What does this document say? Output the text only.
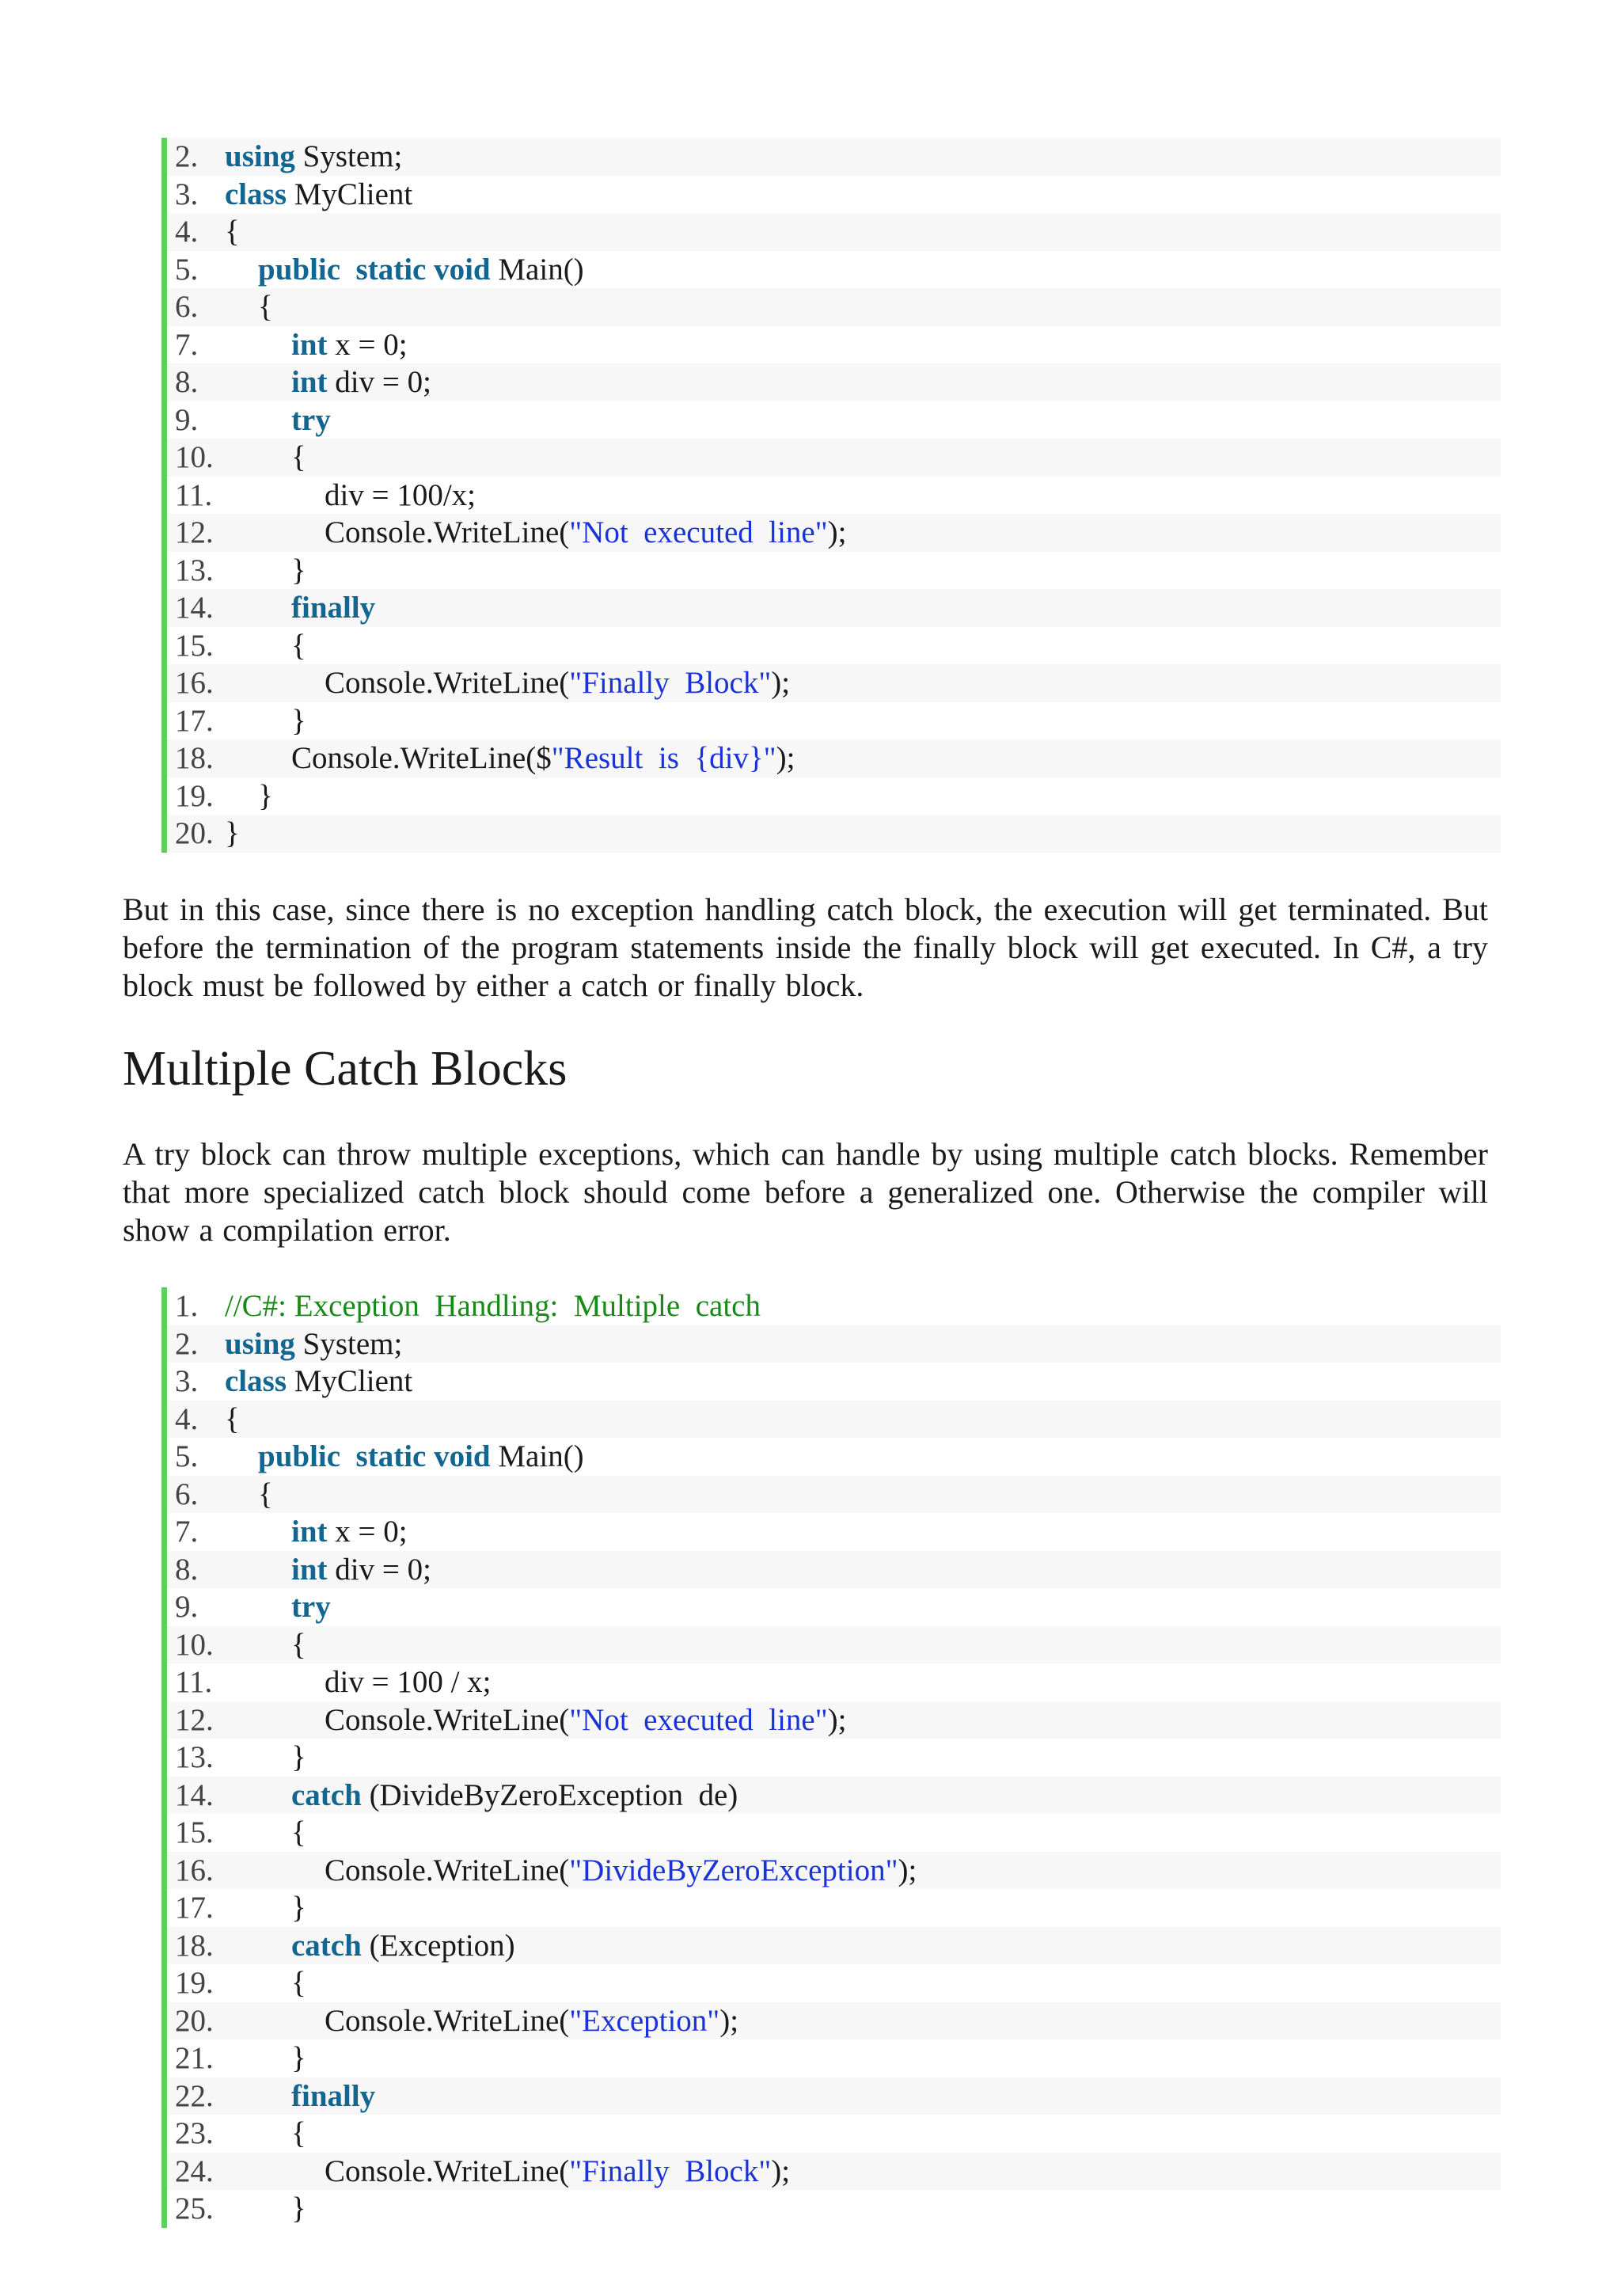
2. using System;
3. class MyClient
4. {
5.	public  static void Main()
6.	{
7.	int x = 0;
8.	int div = 0;
9.	try
10.	{
11.	div = 100/x;
12.	Console.WriteLine("Not  executed  line");
13.	}
14.	finally
15.	{
16.	Console.WriteLine("Finally  Block");
17.	}
18.	Console.WriteLine($"Result  is  {div}");
19.	}
20. }

But in this case, since there is no exception handling catch block, the execution will get terminated. But before the termination of the program statements inside the finally block will get executed. In C#, a try block must be followed by either a catch or finally block.

Multiple Catch Blocks

A try block can throw multiple exceptions, which can handle by using multiple catch blocks. Remember that more specialized catch block should come before a generalized one. Otherwise the compiler will show a compilation error.

1. //C#: Exception  Handling:  Multiple  catch
2. using System;
3. class MyClient
4. {
5.	public  static void Main()
6.	{
7.	int x = 0;
8.	int div = 0;
9.	try
10.	{
11.	div = 100 / x;
12.	Console.WriteLine("Not  executed  line");
13.	}
14.	catch (DivideByZeroException  de)
15.	{
16.	Console.WriteLine("DivideByZeroException");
17.	}
18.	catch (Exception)
19.	{
20.	Console.WriteLine("Exception");
21.	}
22.	finally
23.	{
24.	Console.WriteLine("Finally  Block");
25.	}
